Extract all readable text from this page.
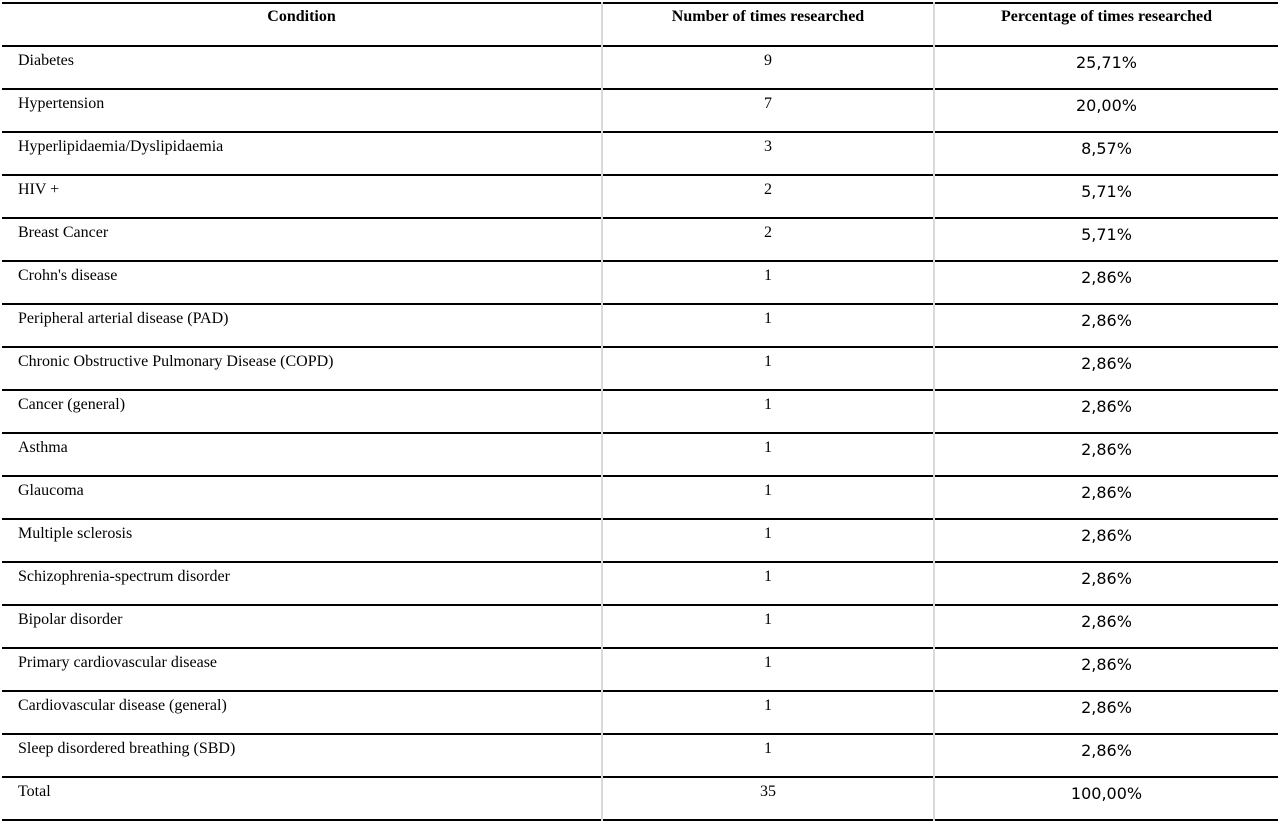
Condition	Number of times researched	Percentage of times researched
Diabetes	9	25,71%
Hypertension	7	20,00%
Hyperlipidaemia/Dyslipidaemia	3	8,57%
HIV +	2	5,71%
Breast Cancer	2	5,71%
Crohn's disease	1	2,86%
Peripheral arterial disease (PAD)	1	2,86%
Chronic Obstructive Pulmonary Disease (COPD)	1	2,86%
Cancer (general)	1	2,86%
Asthma	1	2,86%
Glaucoma	1	2,86%
Multiple sclerosis	1	2,86%
Schizophrenia-spectrum disorder	1	2,86%
Bipolar disorder	1	2,86%
Primary cardiovascular disease	1	2,86%
Cardiovascular disease (general)	1	2,86%
Sleep disordered breathing (SBD)	1	2,86%
Total	35	100,00%
